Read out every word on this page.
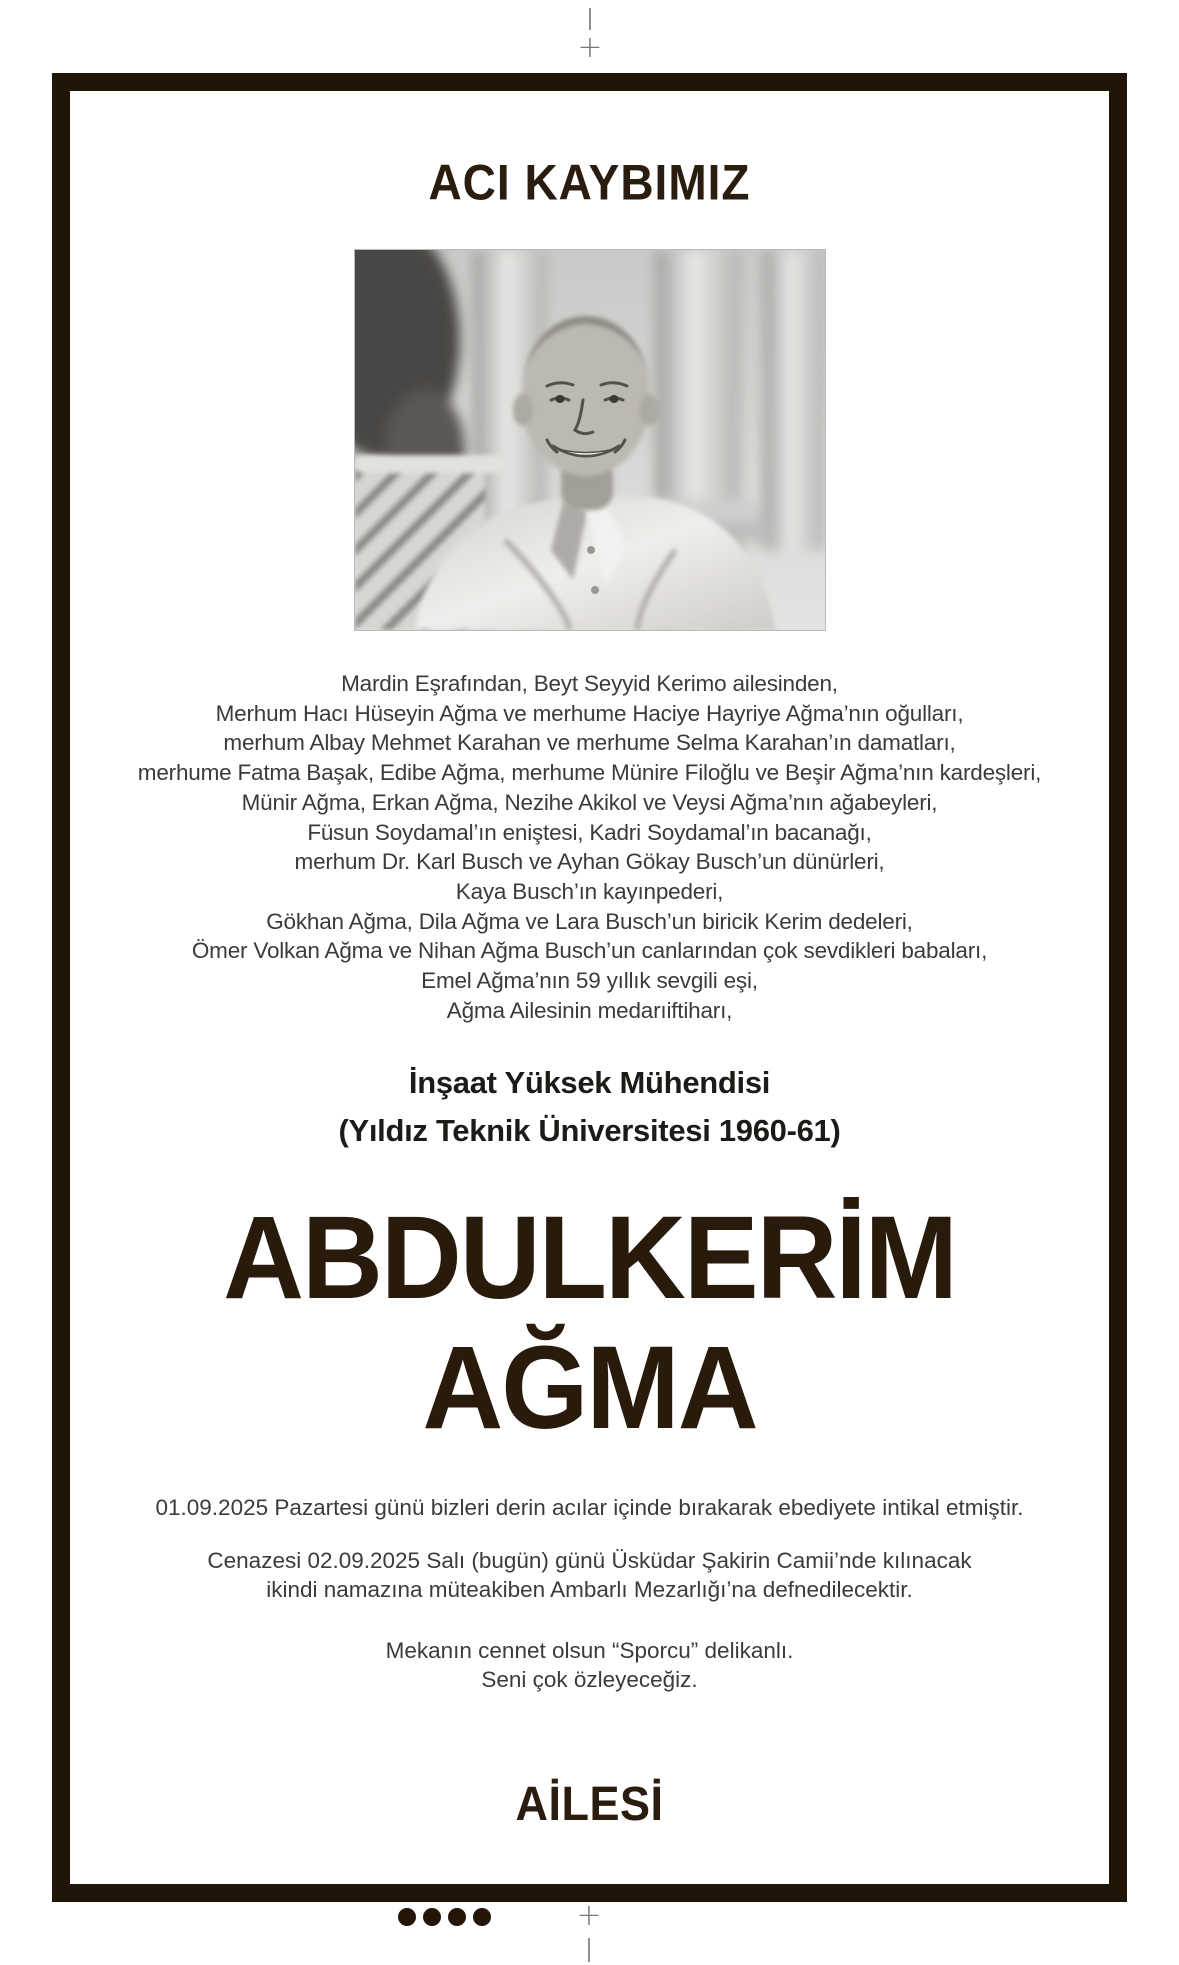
+
ACI KAYBIMIZ
Mardin Eşrafından, Beyt Seyyid Kerimo ailesinden,
Merhum Hacı Hüseyin Ağma ve merhume Haciye Hayriye Ağma’nın oğulları,
merhum Albay Mehmet Karahan ve merhume Selma Karahan’ın damatları,
merhume Fatma Başak, Edibe Ağma, merhume Münire Filoğlu ve Beşir Ağma’nın kardeşleri,
Münir Ağma, Erkan Ağma, Nezihe Akikol ve Veysi Ağma’nın ağabeyleri,
Füsun Soydamal’ın eniştesi, Kadri Soydamal’ın bacanağı,
merhum Dr. Karl Busch ve Ayhan Gökay Busch’un dünürleri,
Kaya Busch’ın kayınpederi,
Gökhan Ağma, Dila Ağma ve Lara Busch’un biricik Kerim dedeleri,
Ömer Volkan Ağma ve Nihan Ağma Busch’un canlarından çok sevdikleri babaları,
Emel Ağma’nın 59 yıllık sevgili eşi,
Ağma Ailesinin medarıiftiharı,
İnşaat Yüksek Mühendisi
(Yıldız Teknik Üniversitesi 1960-61)
ABDULKERİM
AĞMA
01.09.2025 Pazartesi günü bizleri derin acılar içinde bırakarak ebediyete intikal etmiştir.
Cenazesi 02.09.2025 Salı (bugün) günü Üsküdar Şakirin Camii’nde kılınacak
ikindi namazına müteakiben Ambarlı Mezarlığı’na defnedilecektir.
Mekanın cennet olsun “Sporcu” delikanlı.
Seni çok özleyeceğiz.
AİLESİ
+
